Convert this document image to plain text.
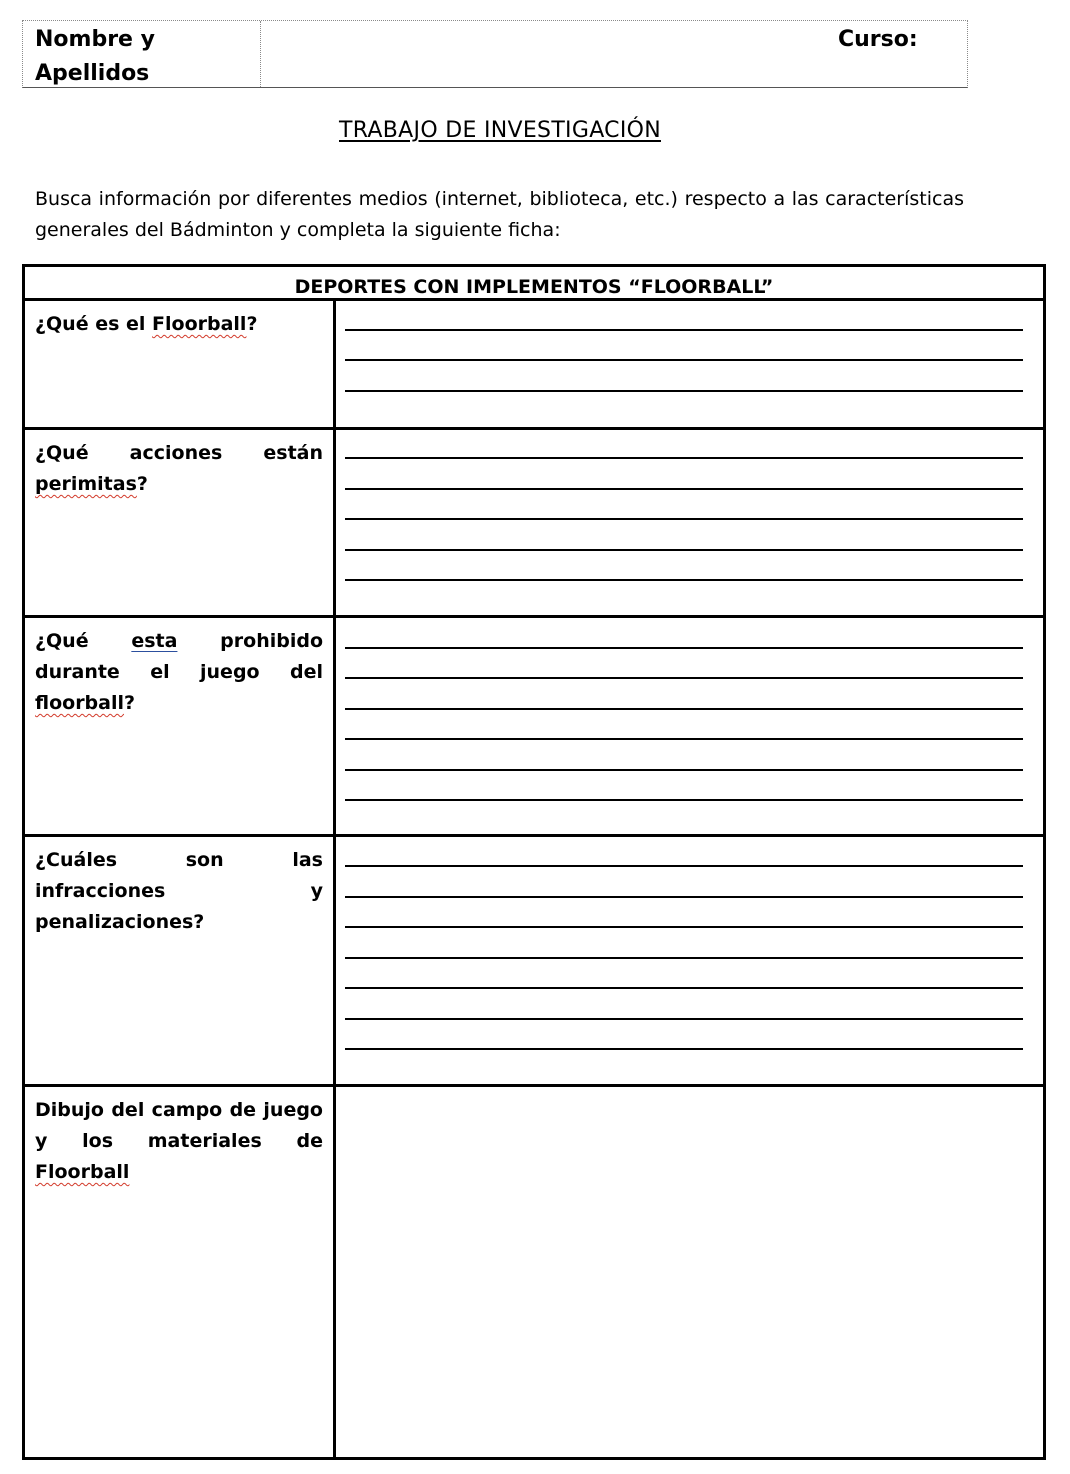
Nombre y Apellidos
Curso:
TRABAJO DE INVESTIGACIÓN
Busca información por diferentes medios (internet, biblioteca, etc.) respecto a las características generales del Bádminton y completa la siguiente ficha:
DEPORTES CON IMPLEMENTOS “FLOORBALL”
¿Qué es el Floorball?
¿Qué acciones están perimitas?
¿Qué esta prohibido durante el juego del floorball?
¿Cuáles son las infracciones y penalizaciones?
Dibujo del campo de juego y los materiales de Floorball
